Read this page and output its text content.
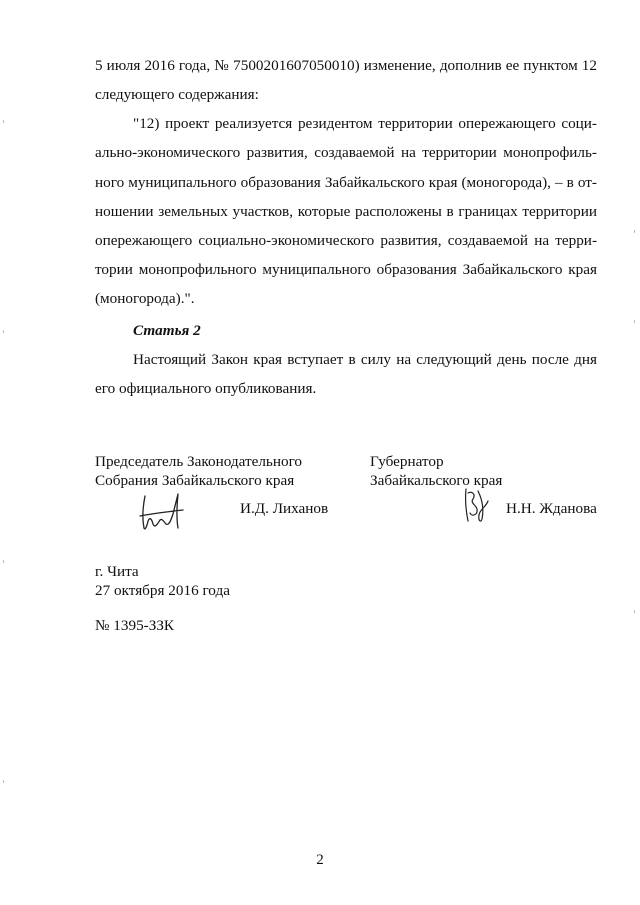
5 июля 2016 года, № 7500201607050010) изменение, дополнив ее пунктом 12
следующего содержания:
"12) проект реализуется резидентом территории опережающего соци-
ально-экономического развития, создаваемой на территории монопрофиль-
ного муниципального образования Забайкальского края (моногорода), – в от-
ношении земельных участков, которые расположены в границах территории
опережающего социально-экономического развития, создаваемой на терри-
тории монопрофильного муниципального образования Забайкальского края
(моногорода).".
Статья 2
Настоящий Закон края вступает в силу на следующий день после дня
его официального опубликования.
Председатель Законодательного
Собрания Забайкальского края
Губернатор
Забайкальского края
И.Д. Лиханов	Н.Н. Жданова
г. Чита
27 октября 2016 года
№ 1395-ЗЗК
2
